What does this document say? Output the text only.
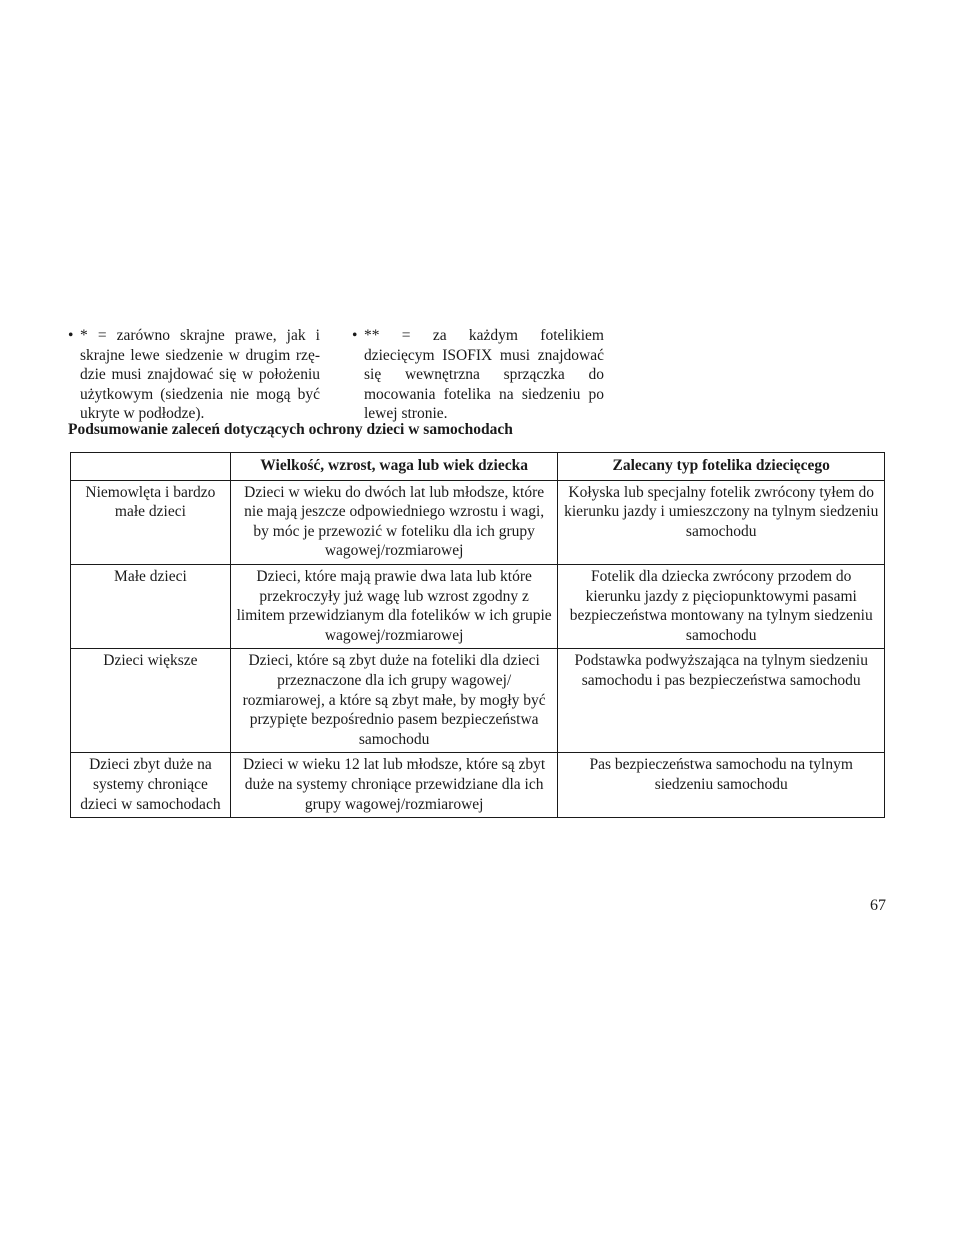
• * = zarówno skrajne prawe, jak i skrajne lewe siedzenie w drugim rzędzie musi znajdować się w położeniu użytkowym (siedzenia nie mogą być ukryte w podłodze).

• ** = za każdym fotelikiem dziecięcym ISOFIX musi znajdować się wewnętrzna sprzączka do mocowania fotelika na siedzeniu po lewej stronie.

Podsumowanie zaleceń dotyczących ochrony dzieci w samochodach
	Wielkość, wzrost, waga lub wiek dziecka	Zalecany typ fotelika dziecięcego
Niemowlęta i bardzo małe dzieci	Dzieci w wieku do dwóch lat lub młodsze, które nie mają jeszcze odpowiedniego wzrostu i wagi, by móc je przewozić w foteliku dla ich grupy wagowej/rozmiarowej	Kołyska lub specjalny fotelik zwrócony tyłem do kierunku jazdy i umieszczony na tylnym siedzeniu samochodu
Małe dzieci	Dzieci, które mają prawie dwa lata lub które przekroczyły już wagę lub wzrost zgodny z limitem przewidzianym dla fotelików w ich grupie wagowej/rozmiarowej	Fotelik dla dziecka zwrócony przodem do kierunku jazdy z pięciopunktowymi pasami bezpieczeństwa montowany na tylnym siedzeniu samochodu
Dzieci większe	Dzieci, które są zbyt duże na foteliki dla dzieci przeznaczone dla ich grupy wagowej/ rozmiarowej, a które są zbyt małe, by mogły być przypięte bezpośrednio pasem bezpieczeństwa samochodu	Podstawka podwyższająca na tylnym siedzeniu samochodu i pas bezpieczeństwa samochodu
Dzieci zbyt duże na systemy chroniące dzieci w samochodach	Dzieci w wieku 12 lat lub młodsze, które są zbyt duże na systemy chroniące przewidziane dla ich grupy wagowej/rozmiarowej	Pas bezpieczeństwa samochodu na tylnym siedzeniu samochodu

67
